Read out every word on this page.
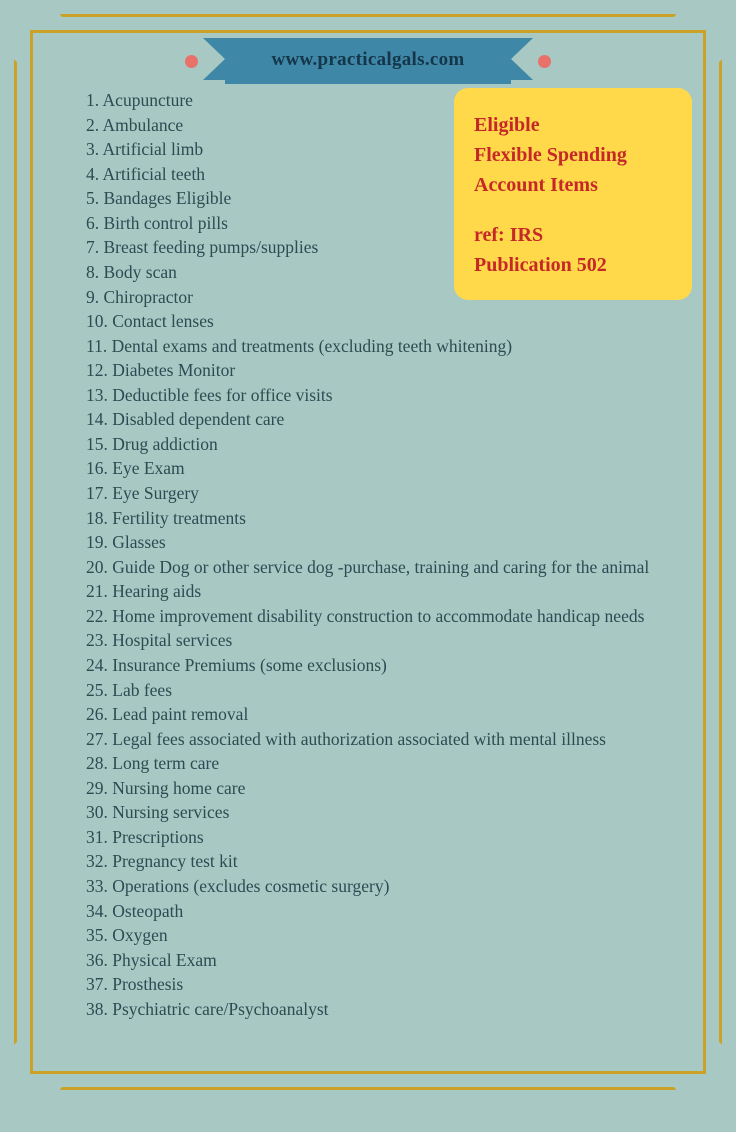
www.practicalgals.com
Eligible
Flexible Spending
Account Items
ref: IRS
Publication 502
1. Acupuncture
2. Ambulance
3. Artificial limb
4. Artificial teeth
5. Bandages Eligible
6. Birth control pills
7. Breast feeding pumps/supplies
8. Body scan
9. Chiropractor
10. Contact lenses
11. Dental exams and treatments (excluding teeth whitening)
12. Diabetes Monitor
13. Deductible fees for office visits
14. Disabled dependent care
15. Drug addiction
16. Eye Exam
17. Eye Surgery
18. Fertility treatments
19. Glasses
20. Guide Dog or other service dog -purchase, training and caring for the animal
21. Hearing aids
22. Home improvement disability construction to accommodate handicap needs
23. Hospital services
24. Insurance Premiums (some exclusions)
25. Lab fees
26. Lead paint removal
27. Legal fees associated with authorization associated with mental illness
28. Long term care
29. Nursing home care
30. Nursing services
31. Prescriptions
32. Pregnancy test kit
33. Operations (excludes cosmetic surgery)
34. Osteopath
35. Oxygen
36. Physical Exam
37. Prosthesis
38. Psychiatric care/Psychoanalyst
